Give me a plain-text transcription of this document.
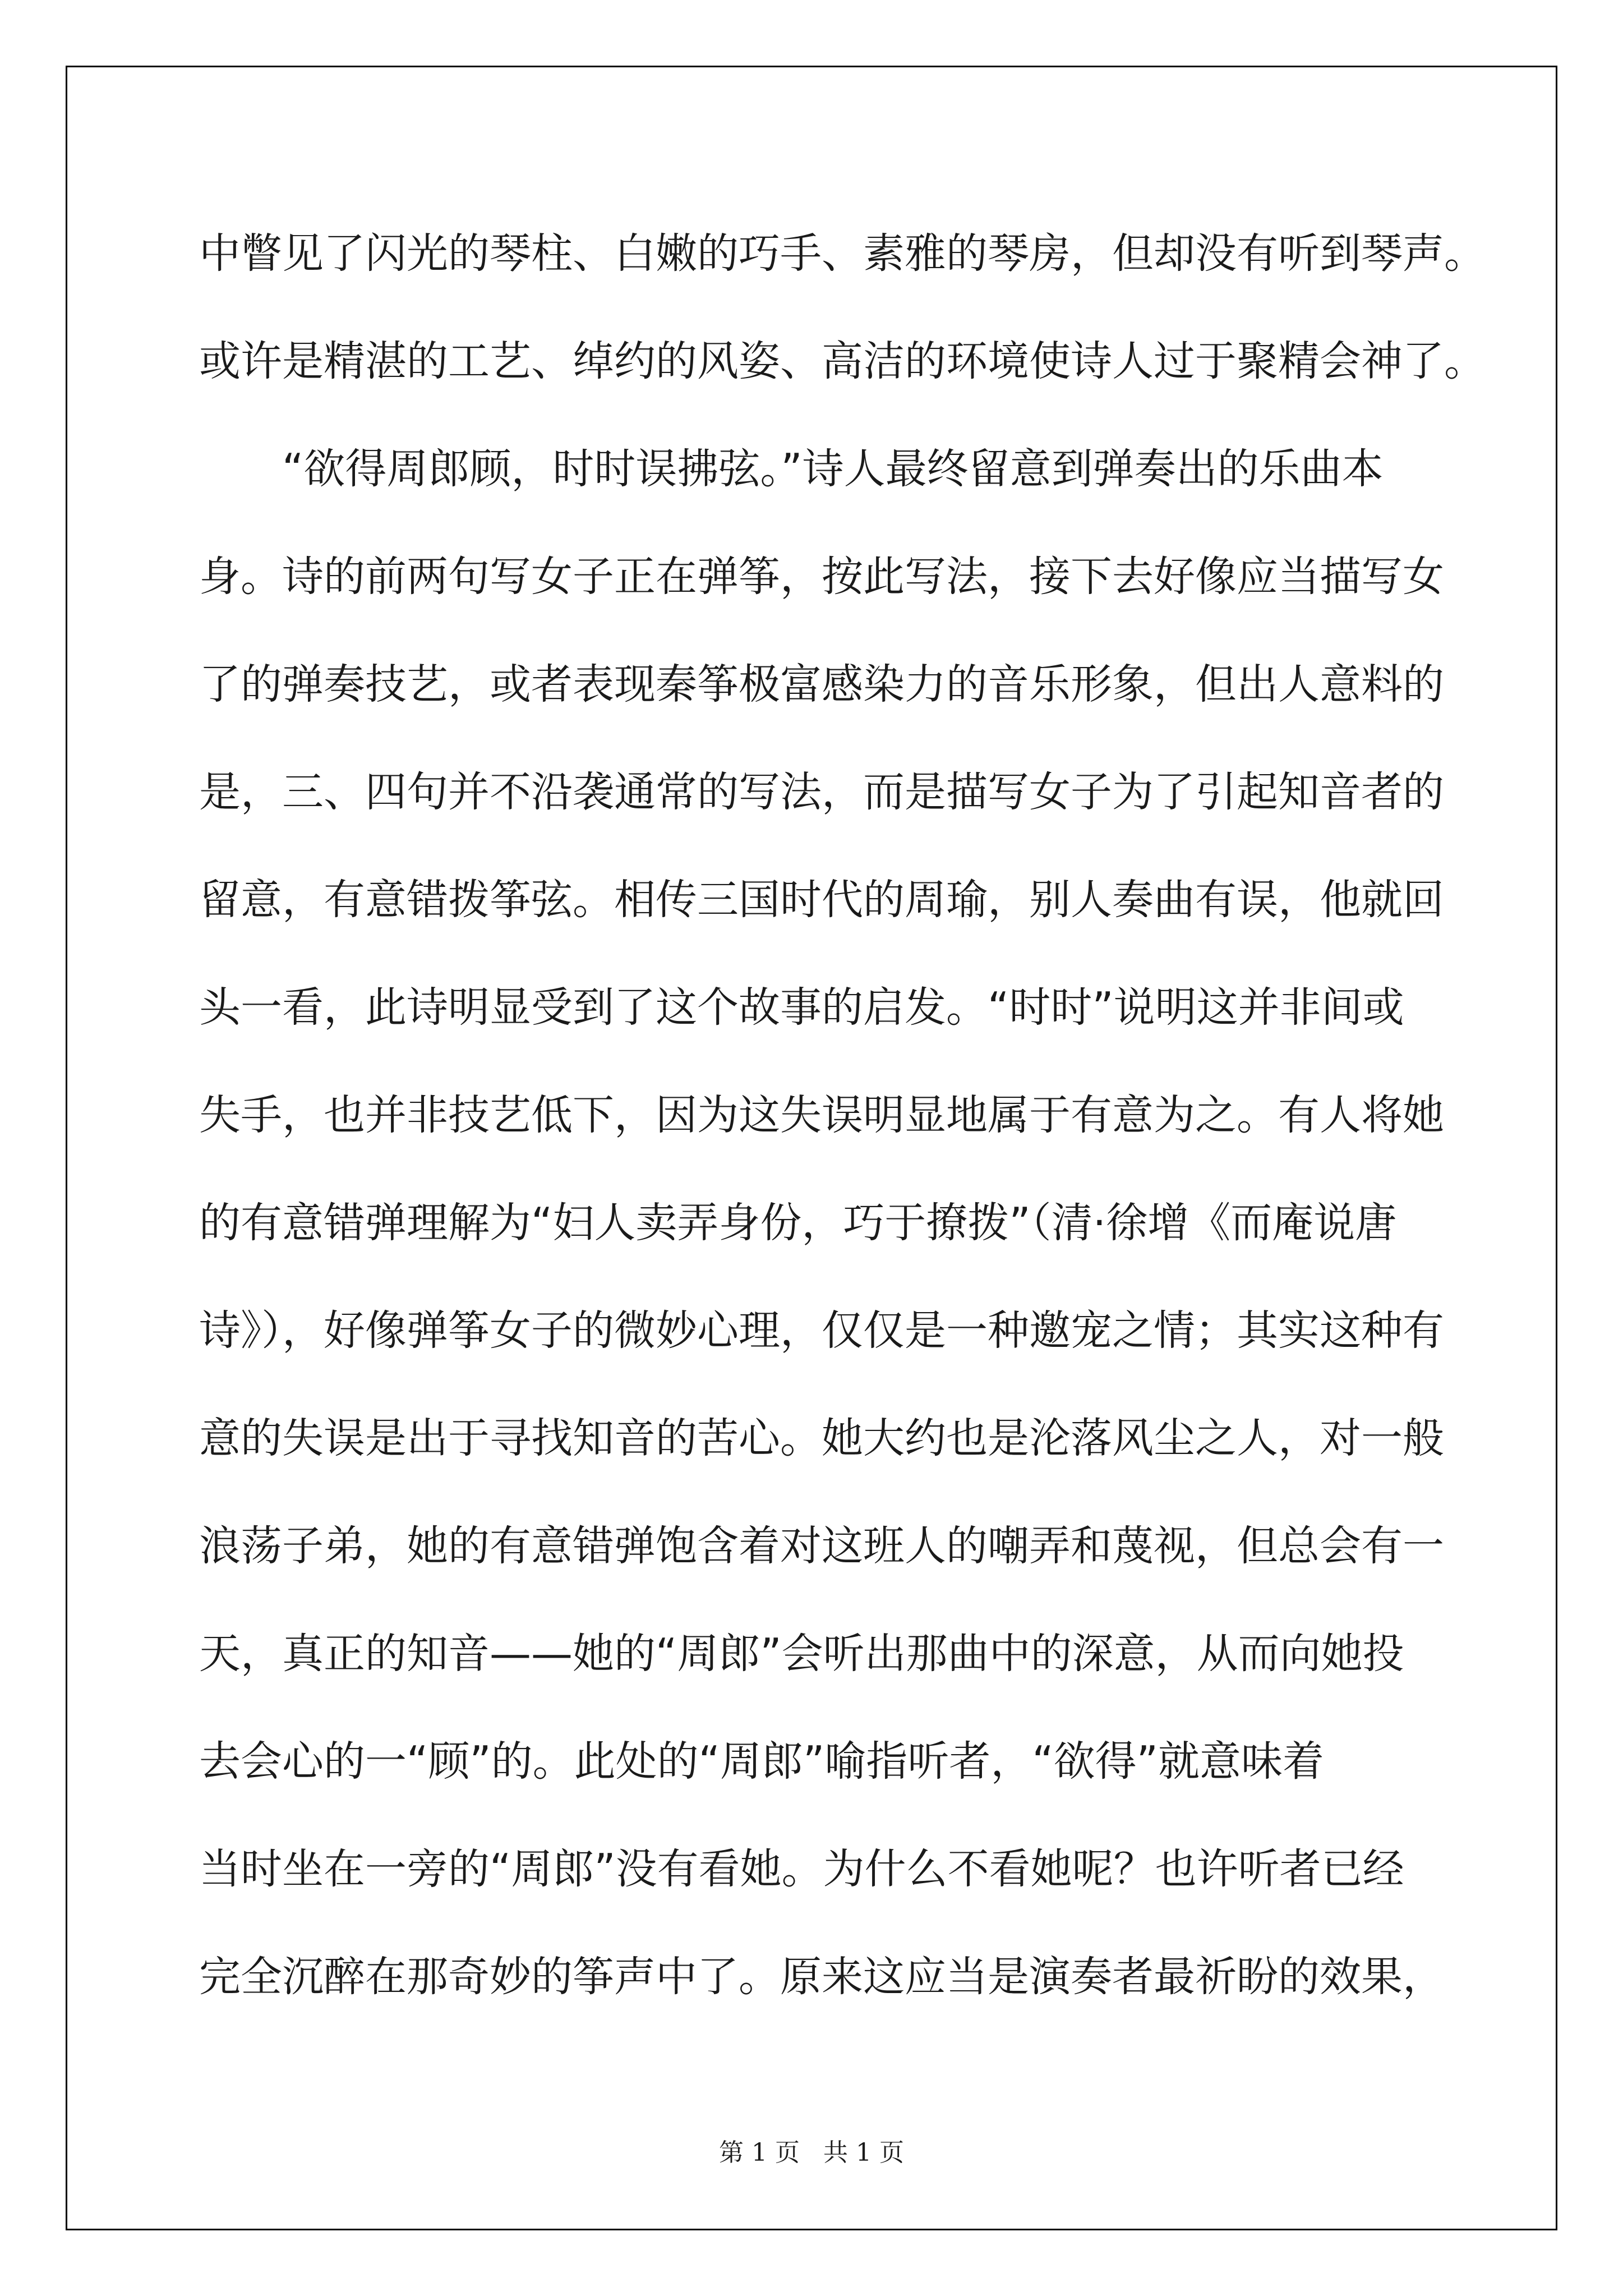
中瞥见了闪光的琴柱、白嫩的巧手、素雅的琴房，但却没有听到琴声。
或许是精湛的工艺、绰约的风姿、高洁的环境使诗人过于聚精会神了。
“欲得周郎顾，时时误拂弦。”诗人最终留意到弹奏出的乐曲本
身。诗的前两句写女子正在弹筝，按此写法，接下去好像应当描写女
了的弹奏技艺，或者表现秦筝极富感染力的音乐形象，但出人意料的
是，三、四句并不沿袭通常的写法，而是描写女子为了引起知音者的
留意，有意错拨筝弦。相传三国时代的周瑜，别人奏曲有误，他就回
头一看，此诗明显受到了这个故事的启发。“时时”说明这并非间或
失手，也并非技艺低下，因为这失误明显地属于有意为之。有人将她
的有意错弹理解为“妇人卖弄身份，巧于撩拨”（清·徐增《而庵说唐
诗》），好像弹筝女子的微妙心理，仅仅是一种邀宠之情；其实这种有
意的失误是出于寻找知音的苦心。她大约也是沦落风尘之人，对一般
浪荡子弟，她的有意错弹饱含着对这班人的嘲弄和蔑视，但总会有一
天，真正的知音——她的“周郎”会听出那曲中的深意，从而向她投
去会心的一“顾”的。此处的“周郎”喻指听者，“欲得”就意味着
当时坐在一旁的“周郎”没有看她。为什么不看她呢？也许听者已经
完全沉醉在那奇妙的筝声中了。原来这应当是演奏者最祈盼的效果，
第 1 页   共 1 页
